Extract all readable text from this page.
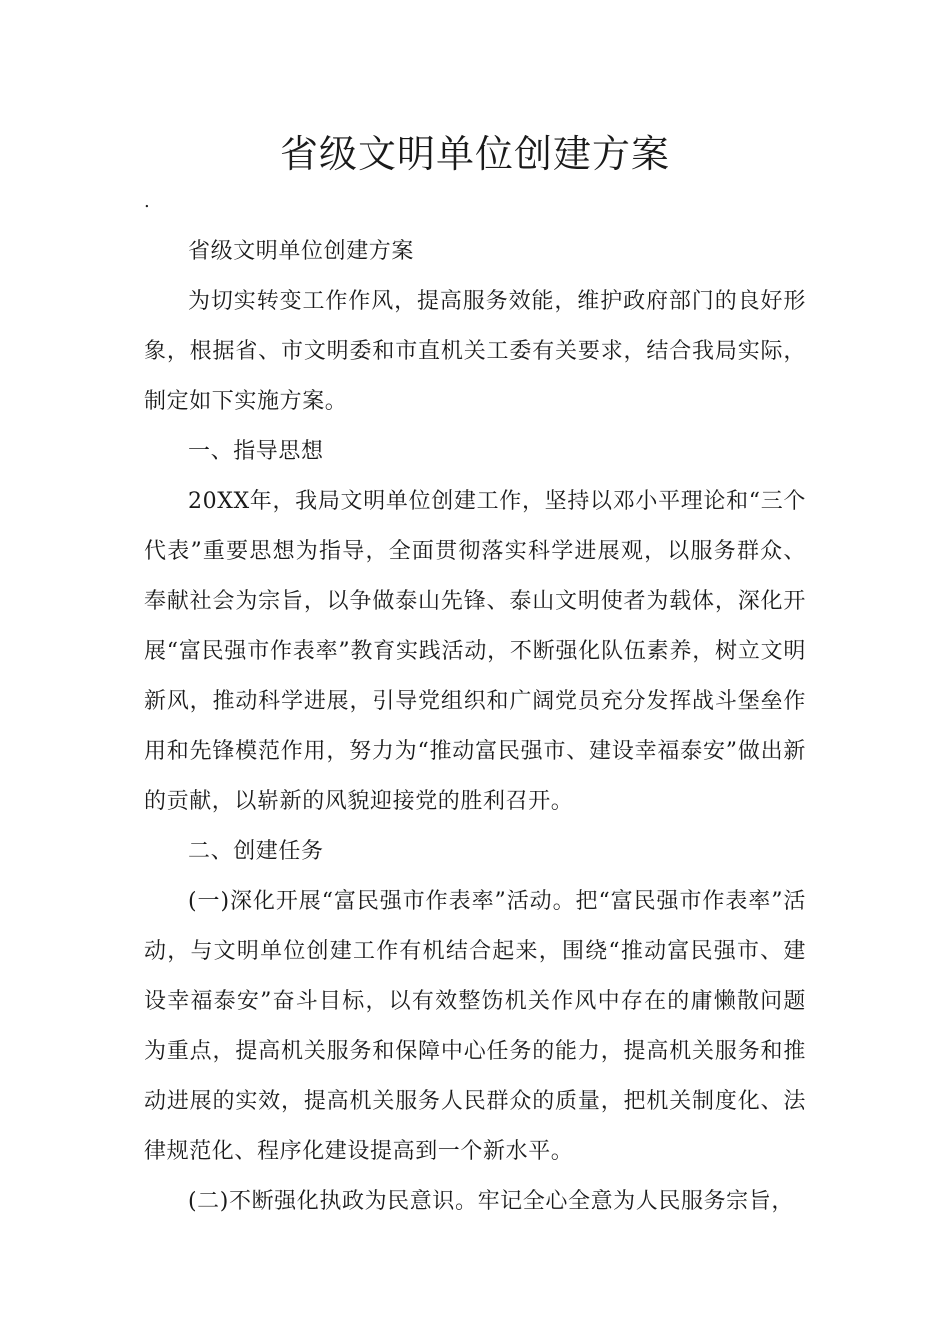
省级文明单位创建方案
.

省级文明单位创建方案

为切实转变工作作风，提高服务效能，维护政府部门的良好形象，根据省、市文明委和市直机关工委有关要求，结合我局实际，制定如下实施方案。

一、指导思想

20XX年，我局文明单位创建工作，坚持以邓小平理论和“三个代表”重要思想为指导，全面贯彻落实科学进展观，以服务群众、奉献社会为宗旨，以争做泰山先锋、泰山文明使者为载体，深化开展“富民强市作表率”教育实践活动，不断强化队伍素养，树立文明新风，推动科学进展，引导党组织和广阔党员充分发挥战斗堡垒作用和先锋模范作用，努力为“推动富民强市、建设幸福泰安”做出新的贡献，以崭新的风貌迎接党的胜利召开。

二、创建任务

(一)深化开展“富民强市作表率”活动。把“富民强市作表率”活动，与文明单位创建工作有机结合起来，围绕“推动富民强市、建设幸福泰安”奋斗目标，以有效整饬机关作风中存在的庸懒散问题为重点，提高机关服务和保障中心任务的能力，提高机关服务和推动进展的实效，提高机关服务人民群众的质量，把机关制度化、法律规范化、程序化建设提高到一个新水平。

(二)不断强化执政为民意识。牢记全心全意为人民服务宗旨，
